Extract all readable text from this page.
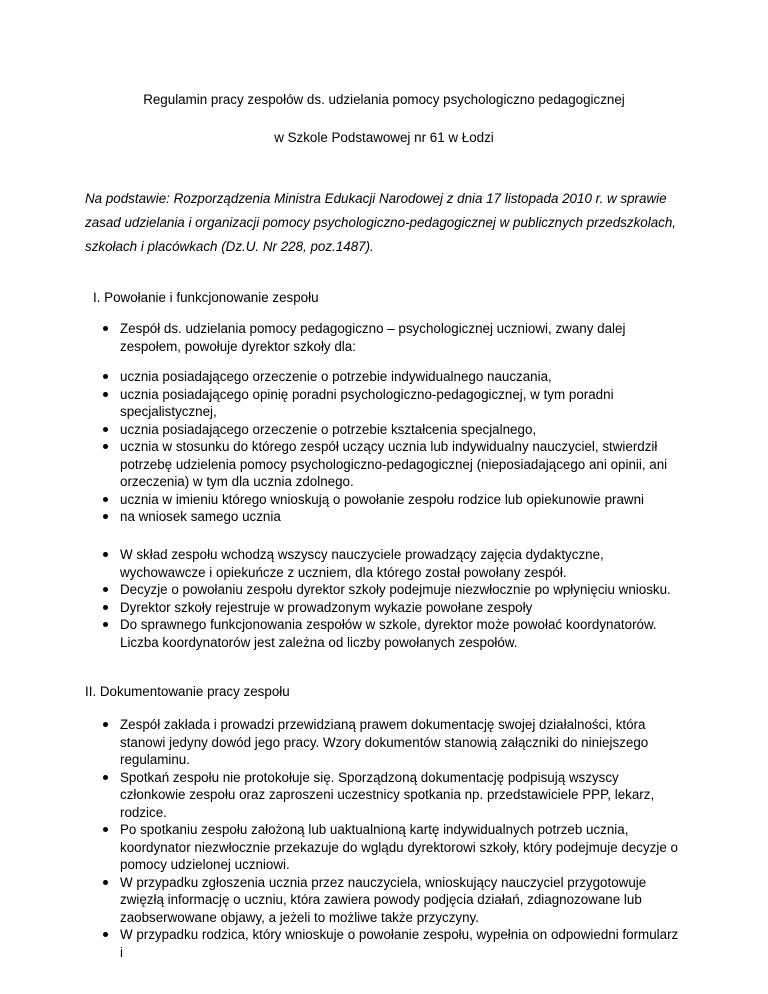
Regulamin pracy zespołów ds. udzielania pomocy psychologiczno pedagogicznej
w Szkole Podstawowej nr 61 w Łodzi
Na podstawie: Rozporządzenia Ministra Edukacji Narodowej z dnia 17 listopada 2010 r. w sprawie zasad udzielania i organizacji pomocy psychologiczno-pedagogicznej w publicznych przedszkolach, szkołach i placówkach (Dz.U. Nr 228, poz.1487).
I. Powołanie i funkcjonowanie zespołu
Zespół ds. udzielania pomocy pedagogiczno – psychologicznej uczniowi, zwany dalej zespołem, powołuje dyrektor szkoły dla:
ucznia posiadającego orzeczenie o potrzebie indywidualnego nauczania,
ucznia posiadającego opinię poradni psychologiczno-pedagogicznej, w tym poradni specjalistycznej,
ucznia posiadającego orzeczenie o potrzebie kształcenia specjalnego,
ucznia w stosunku do którego zespół uczący ucznia lub indywidualny nauczyciel, stwierdził potrzebę udzielenia pomocy psychologiczno-pedagogicznej (nieposiadającego ani opinii, ani orzeczenia) w tym dla ucznia zdolnego.
ucznia w imieniu którego wnioskują o powołanie zespołu rodzice lub opiekunowie prawni
na wniosek samego ucznia
W skład zespołu wchodzą wszyscy nauczyciele prowadzący zajęcia dydaktyczne, wychowawcze i opiekuńcze z uczniem, dla którego został powołany zespół.
Decyzje o powołaniu zespołu dyrektor szkoły podejmuje niezwłocznie po wpłynięciu wniosku.
Dyrektor szkoły rejestruje w prowadzonym wykazie powołane zespoły
Do sprawnego funkcjonowania zespołów w szkole, dyrektor może powołać koordynatorów. Liczba koordynatorów jest zależna od liczby powołanych zespołów.
II. Dokumentowanie pracy zespołu
Zespół zakłada i prowadzi przewidzianą prawem dokumentację swojej działalności, która stanowi jedyny dowód jego pracy. Wzory dokumentów stanowią załączniki do niniejszego regulaminu.
Spotkań zespołu nie protokołuje się. Sporządzoną dokumentację podpisują wszyscy członkowie zespołu oraz zaproszeni uczestnicy spotkania np. przedstawiciele PPP, lekarz, rodzice.
Po spotkaniu zespołu założoną lub uaktualnioną kartę indywidualnych potrzeb ucznia, koordynator niezwłocznie przekazuje do wglądu dyrektorowi szkoły, który podejmuje decyzje o pomocy udzielonej uczniowi.
W przypadku zgłoszenia ucznia przez nauczyciela, wnioskujący nauczyciel przygotowuje zwięzłą informację o uczniu, która zawiera powody podjęcia działań, zdiagnozowane lub zaobserwowane objawy, a jeżeli to możliwe także przyczyny.
W przypadku rodzica, który wnioskuje o powołanie zespołu, wypełnia on odpowiedni formularz i
